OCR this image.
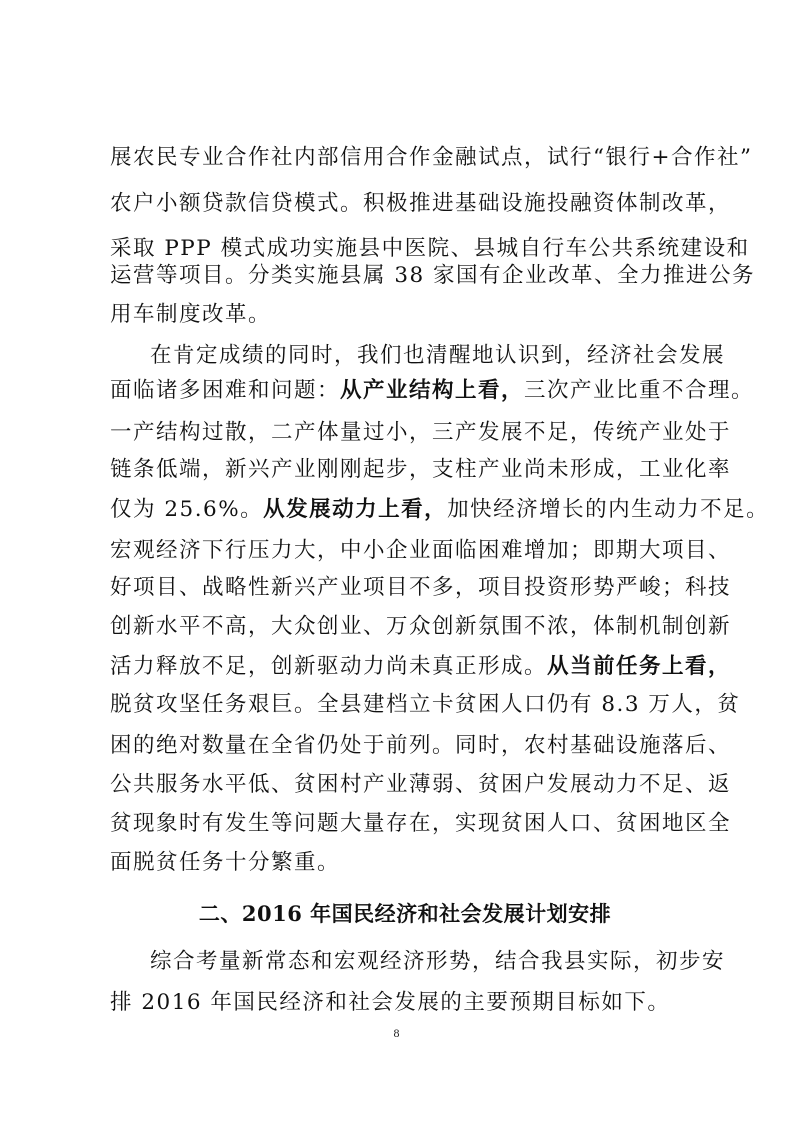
展农民专业合作社内部信用合作金融试点，试行“银行+合作社”
农户小额贷款信贷模式。积极推进基础设施投融资体制改革，
采取 PPP 模式成功实施县中医院、县城自行车公共系统建设和
运营等项目。分类实施县属 38 家国有企业改革、全力推进公务
用车制度改革。
在肯定成绩的同时，我们也清醒地认识到，经济社会发展
面临诸多困难和问题：从产业结构上看，三次产业比重不合理。
一产结构过散，二产体量过小，三产发展不足，传统产业处于
链条低端，新兴产业刚刚起步，支柱产业尚未形成，工业化率
仅为 25.6%。从发展动力上看，加快经济增长的内生动力不足。
宏观经济下行压力大，中小企业面临困难增加；即期大项目、
好项目、战略性新兴产业项目不多，项目投资形势严峻；科技
创新水平不高，大众创业、万众创新氛围不浓，体制机制创新
活力释放不足，创新驱动力尚未真正形成。从当前任务上看，
脱贫攻坚任务艰巨。全县建档立卡贫困人口仍有 8.3 万人，贫
困的绝对数量在全省仍处于前列。同时，农村基础设施落后、
公共服务水平低、贫困村产业薄弱、贫困户发展动力不足、返
贫现象时有发生等问题大量存在，实现贫困人口、贫困地区全
面脱贫任务十分繁重。
二、2016 年国民经济和社会发展计划安排
综合考量新常态和宏观经济形势，结合我县实际，初步安
排 2016 年国民经济和社会发展的主要预期目标如下。
8
